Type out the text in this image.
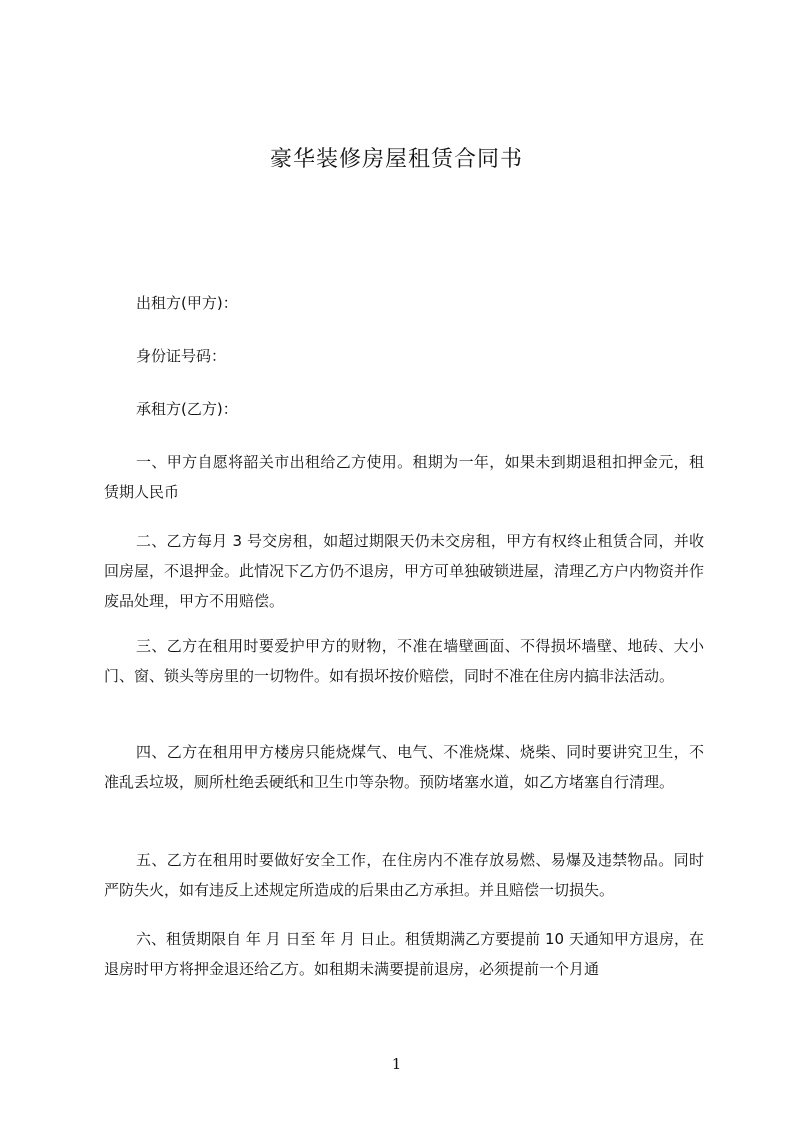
豪华装修房屋租赁合同书
出租方(甲方)：
身份证号码：
承租方(乙方)：

一、甲方自愿将韶关市出租给乙方使用。租期为一年，如果未到期退租扣押金元，租赁期人民币

二、乙方每月 3 号交房租，如超过期限天仍未交房租，甲方有权终止租赁合同，并收回房屋，不退押金。此情况下乙方仍不退房，甲方可单独破锁进屋，清理乙方户内物资并作废品处理，甲方不用赔偿。

三、乙方在租用时要爱护甲方的财物，不准在墙壁画面、不得损坏墙壁、地砖、大小门、窗、锁头等房里的一切物件。如有损坏按价赔偿，同时不准在住房内搞非法活动。

四、乙方在租用甲方楼房只能烧煤气、电气、不准烧煤、烧柴、同时要讲究卫生，不准乱丢垃圾，厕所杜绝丢硬纸和卫生巾等杂物。预防堵塞水道，如乙方堵塞自行清理。

五、乙方在租用时要做好安全工作，在住房内不准存放易燃、易爆及违禁物品。同时严防失火，如有违反上述规定所造成的后果由乙方承担。并且赔偿一切损失。

六、租赁期限自 年 月 日至 年 月 日止。租赁期满乙方要提前 10 天通知甲方退房，在退房时甲方将押金退还给乙方。如租期未满要提前退房，必须提前一个月通

1
